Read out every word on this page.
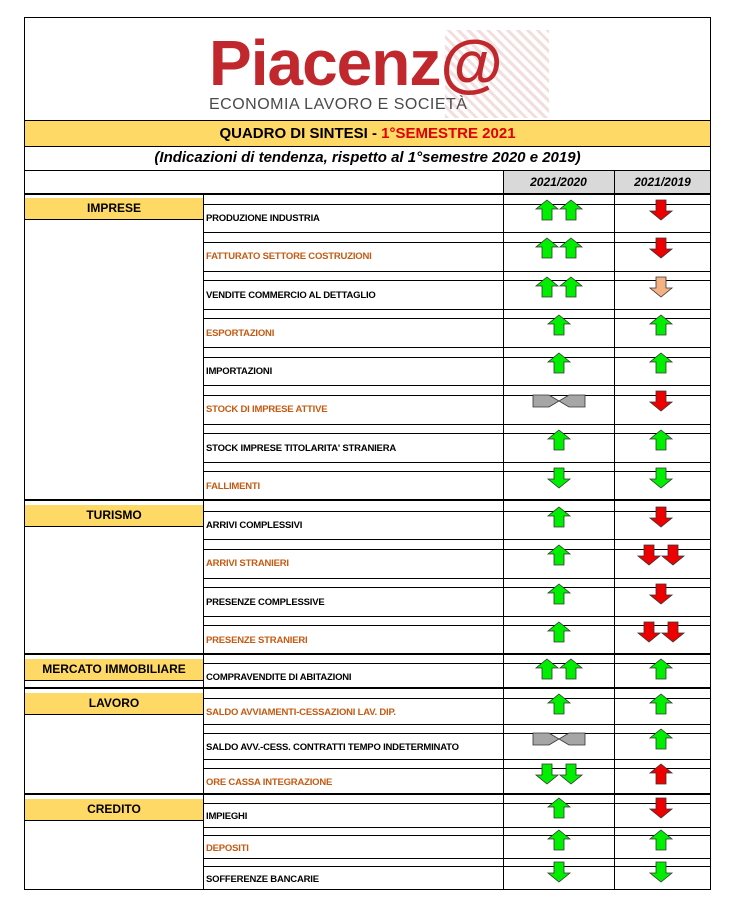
Piacenz@
ECONOMIA LAVORO E SOCIETÀ
QUADRO DI SINTESI - 1°SEMESTRE 2021
(Indicazioni di tendenza, rispetto al 1°semestre 2020 e 2019)
2021/2020	2021/2019
IMPRESE
PRODUZIONE INDUSTRIA
FATTURATO SETTORE COSTRUZIONI
VENDITE COMMERCIO AL DETTAGLIO
ESPORTAZIONI
IMPORTAZIONI
STOCK DI IMPRESE ATTIVE
STOCK IMPRESE TITOLARITA' STRANIERA
FALLIMENTI
TURISMO
ARRIVI COMPLESSIVI
ARRIVI STRANIERI
PRESENZE COMPLESSIVE
PRESENZE STRANIERI
MERCATO IMMOBILIARE
COMPRAVENDITE DI ABITAZIONI
LAVORO
SALDO AVVIAMENTI-CESSAZIONI LAV. DIP.
SALDO AVV.-CESS. CONTRATTI TEMPO INDETERMINATO
ORE CASSA INTEGRAZIONE
CREDITO
IMPIEGHI
DEPOSITI
SOFFERENZE BANCARIE
